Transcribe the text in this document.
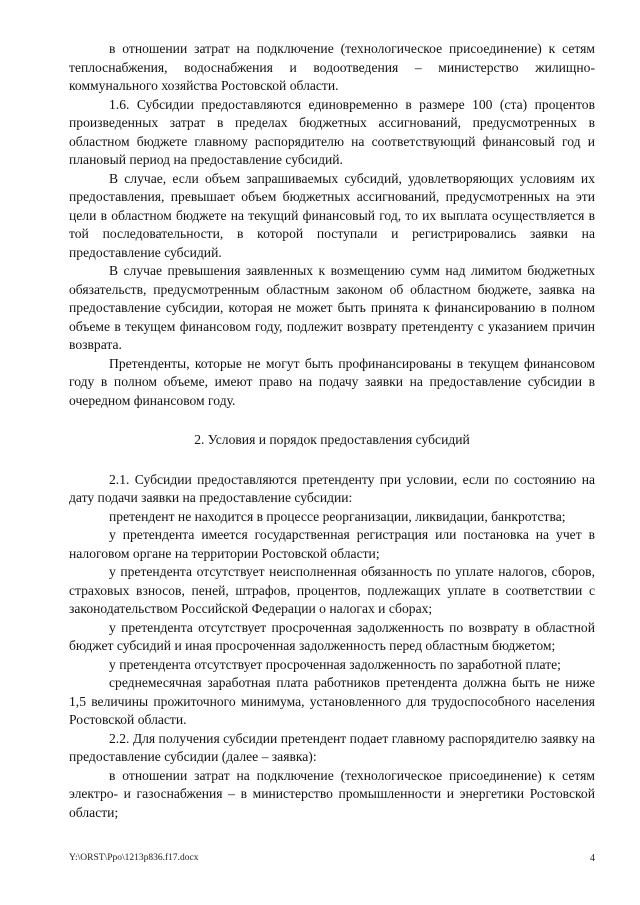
в отношении затрат на подключение (технологическое присоединение) к сетям теплоснабжения, водоснабжения и водоотведения – министерство жилищно-коммунального хозяйства Ростовской области.

1.6. Субсидии предоставляются единовременно в размере 100 (ста) процентов произведенных затрат в пределах бюджетных ассигнований, предусмотренных в областном бюджете главному распорядителю на соответствующий финансовый год и плановый период на предоставление субсидий.

В случае, если объем запрашиваемых субсидий, удовлетворяющих условиям их предоставления, превышает объем бюджетных ассигнований, предусмотренных на эти цели в областном бюджете на текущий финансовый год, то их выплата осуществляется в той последовательности, в которой поступали и регистрировались заявки на предоставление субсидий.

В случае превышения заявленных к возмещению сумм над лимитом бюджетных обязательств, предусмотренным областным законом об областном бюджете, заявка на предоставление субсидии, которая не может быть принята к финансированию в полном объеме в текущем финансовом году, подлежит возврату претенденту с указанием причин возврата.

Претенденты, которые не могут быть профинансированы в текущем финансовом году в полном объеме, имеют право на подачу заявки на предоставление субсидии в очередном финансовом году.

2. Условия и порядок предоставления субсидий

2.1. Субсидии предоставляются претенденту при условии, если по состоянию на дату подачи заявки на предоставление субсидии:

претендент не находится в процессе реорганизации, ликвидации, банкротства;

у претендента имеется государственная регистрация или постановка на учет в налоговом органе на территории Ростовской области;

у претендента отсутствует неисполненная обязанность по уплате налогов, сборов, страховых взносов, пеней, штрафов, процентов, подлежащих уплате в соответствии с законодательством Российской Федерации о налогах и сборах;

у претендента отсутствует просроченная задолженность по возврату в областной бюджет субсидий и иная просроченная задолженность перед областным бюджетом;

у претендента отсутствует просроченная задолженность по заработной плате;

среднемесячная заработная плата работников претендента должна быть не ниже 1,5 величины прожиточного минимума, установленного для трудоспособного населения Ростовской области.

2.2. Для получения субсидии претендент подает главному распорядителю заявку на предоставление субсидии (далее – заявка):

в отношении затрат на подключение (технологическое присоединение) к сетям электро- и газоснабжения – в министерство промышленности и энергетики Ростовской области;

Y:\ORST\Ppo\1213p836.f17.docx	4
